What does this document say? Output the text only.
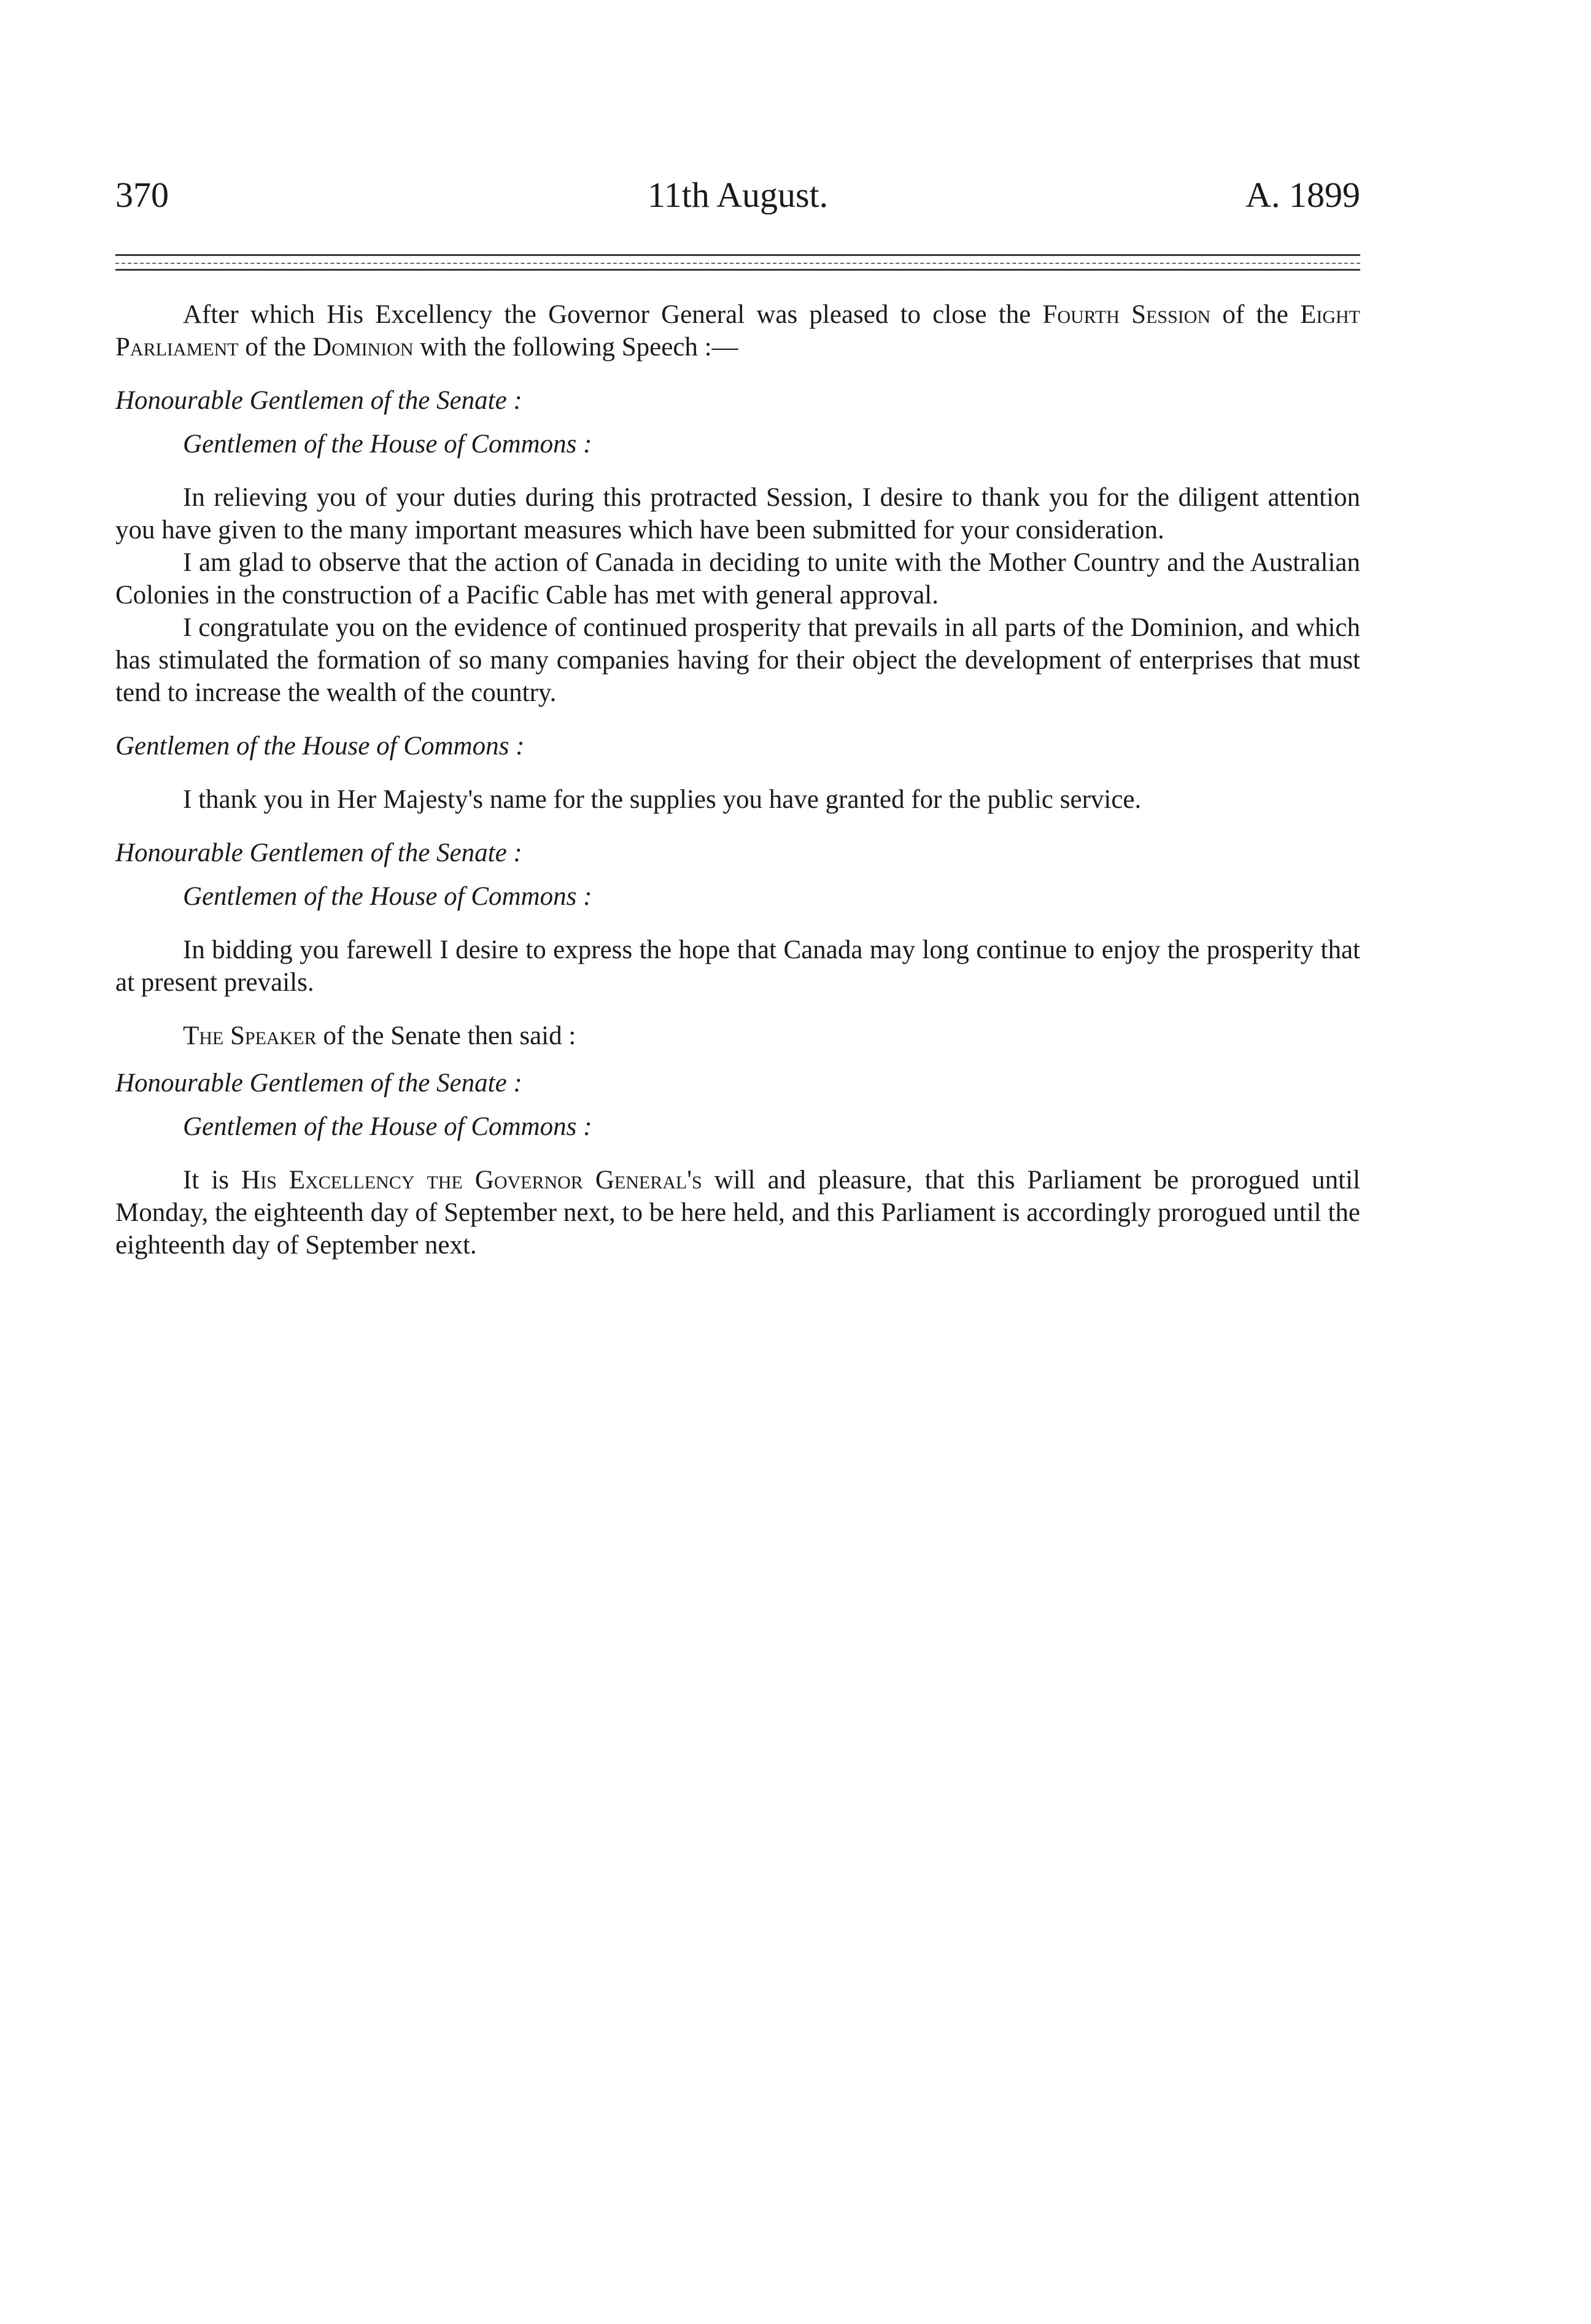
370	11th August.	A. 1899

After which His Excellency the Governor General was pleased to close the Fourth Session of the Eight Parliament of the Dominion with the following Speech :—

Honourable Gentlemen of the Senate :

Gentlemen of the House of Commons :

In relieving you of your duties during this protracted Session, I desire to thank you for the diligent attention you have given to the many important measures which have been submitted for your consideration.

I am glad to observe that the action of Canada in deciding to unite with the Mother Country and the Australian Colonies in the construction of a Pacific Cable has met with general approval.

I congratulate you on the evidence of continued prosperity that prevails in all parts of the Dominion, and which has stimulated the formation of so many companies having for their object the development of enterprises that must tend to increase the wealth of the country.

Gentlemen of the House of Commons :

I thank you in Her Majesty's name for the supplies you have granted for the public service.

Honourable Gentlemen of the Senate :

Gentlemen of the House of Commons :

In bidding you farewell I desire to express the hope that Canada may long continue to enjoy the prosperity that at present prevails.

The Speaker of the Senate then said :

Honourable Gentlemen of the Senate :

Gentlemen of the House of Commons :

It is His Excellency the Governor General's will and pleasure, that this Parliament be prorogued until Monday, the eighteenth day of September next, to be here held, and this Parliament is accordingly prorogued until the eighteenth day of September next.
